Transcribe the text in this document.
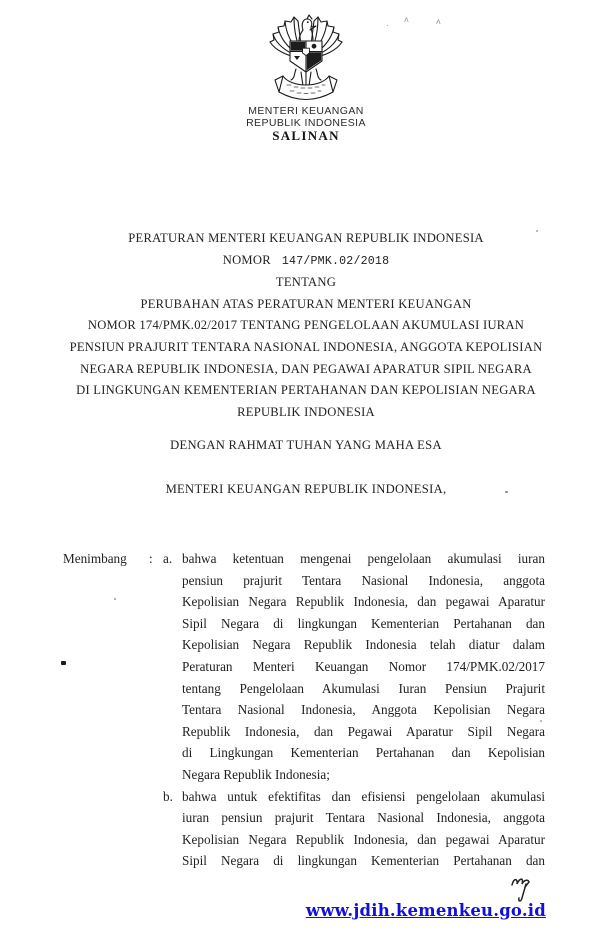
MENTERI KEUANGAN
REPUBLIK INDONESIA
SALINAN
PERATURAN MENTERI KEUANGAN REPUBLIK INDONESIA
NOMOR 147/PMK.02/2018
TENTANG
PERUBAHAN ATAS PERATURAN MENTERI KEUANGAN
NOMOR 174/PMK.02/2017 TENTANG PENGELOLAAN AKUMULASI IURAN
PENSIUN PRAJURIT TENTARA NASIONAL INDONESIA, ANGGOTA KEPOLISIAN
NEGARA REPUBLIK INDONESIA, DAN PEGAWAI APARATUR SIPIL NEGARA
DI LINGKUNGAN KEMENTERIAN PERTAHANAN DAN KEPOLISIAN NEGARA
REPUBLIK INDONESIA
DENGAN RAHMAT TUHAN YANG MAHA ESA
MENTERI KEUANGAN REPUBLIK INDONESIA,
Menimbang : a. bahwa ketentuan mengenai pengelolaan akumulasi iuran
pensiun prajurit Tentara Nasional Indonesia, anggota
Kepolisian Negara Republik Indonesia, dan pegawai Aparatur
Sipil Negara di lingkungan Kementerian Pertahanan dan
Kepolisian Negara Republik Indonesia telah diatur dalam
Peraturan Menteri Keuangan Nomor 174/PMK.02/2017
tentang Pengelolaan Akumulasi Iuran Pensiun Prajurit
Tentara Nasional Indonesia, Anggota Kepolisian Negara
Republik Indonesia, dan Pegawai Aparatur Sipil Negara
di Lingkungan Kementerian Pertahanan dan Kepolisian
Negara Republik Indonesia;
b. bahwa untuk efektifitas dan efisiensi pengelolaan akumulasi
iuran pensiun prajurit Tentara Nasional Indonesia, anggota
Kepolisian Negara Republik Indonesia, dan pegawai Aparatur
Sipil Negara di lingkungan Kementerian Pertahanan dan
www.jdih.kemenkeu.go.id
. ʌ	ʌ
